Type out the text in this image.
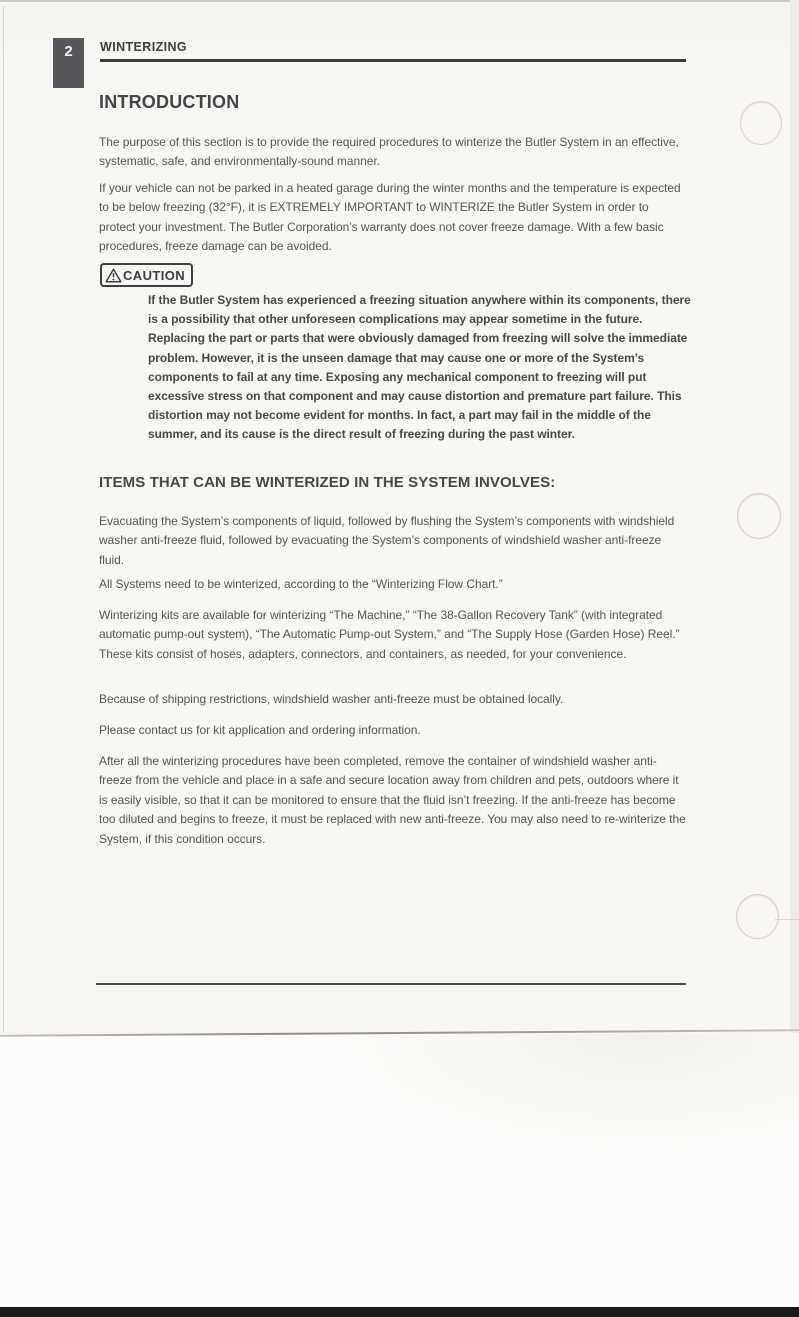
2	WINTERIZING
INTRODUCTION
The purpose of this section is to provide the required procedures to winterize the Butler System in an effective, systematic, safe, and environmentally-sound manner.
If your vehicle can not be parked in a heated garage during the winter months and the temperature is expected to be below freezing (32°F), it is EXTREMELY IMPORTANT to WINTERIZE the Butler System in order to protect your investment. The Butler Corporation’s warranty does not cover freeze damage. With a few basic procedures, freeze damage can be avoided.
CAUTION
If the Butler System has experienced a freezing situation anywhere within its components, there is a possibility that other unforeseen complications may appear sometime in the future. Replacing the part or parts that were obviously damaged from freezing will solve the immediate problem. However, it is the unseen damage that may cause one or more of the System’s components to fail at any time. Exposing any mechanical component to freezing will put excessive stress on that component and may cause distortion and premature part failure. This distortion may not become evident for months. In fact, a part may fail in the middle of the summer, and its cause is the direct result of freezing during the past winter.
ITEMS THAT CAN BE WINTERIZED IN THE SYSTEM INVOLVES:
Evacuating the System’s components of liquid, followed by flushing the System’s components with windshield washer anti-freeze fluid, followed by evacuating the System’s components of windshield washer anti-freeze fluid.
All Systems need to be winterized, according to the “Winterizing Flow Chart.”
Winterizing kits are available for winterizing “The Machine,” “The 38-Gallon Recovery Tank” (with integrated automatic pump-out system), “The Automatic Pump-out System,” and “The Supply Hose (Garden Hose) Reel.” These kits consist of hoses, adapters, connectors, and containers, as needed, for your convenience.
Because of shipping restrictions, windshield washer anti-freeze must be obtained locally.
Please contact us for kit application and ordering information.
After all the winterizing procedures have been completed, remove the container of windshield washer anti-freeze from the vehicle and place in a safe and secure location away from children and pets, outdoors where it is easily visible, so that it can be monitored to ensure that the fluid isn’t freezing. If the anti-freeze has become too diluted and begins to freeze, it must be replaced with new anti-freeze. You may also need to re-winterize the System, if this condition occurs.
